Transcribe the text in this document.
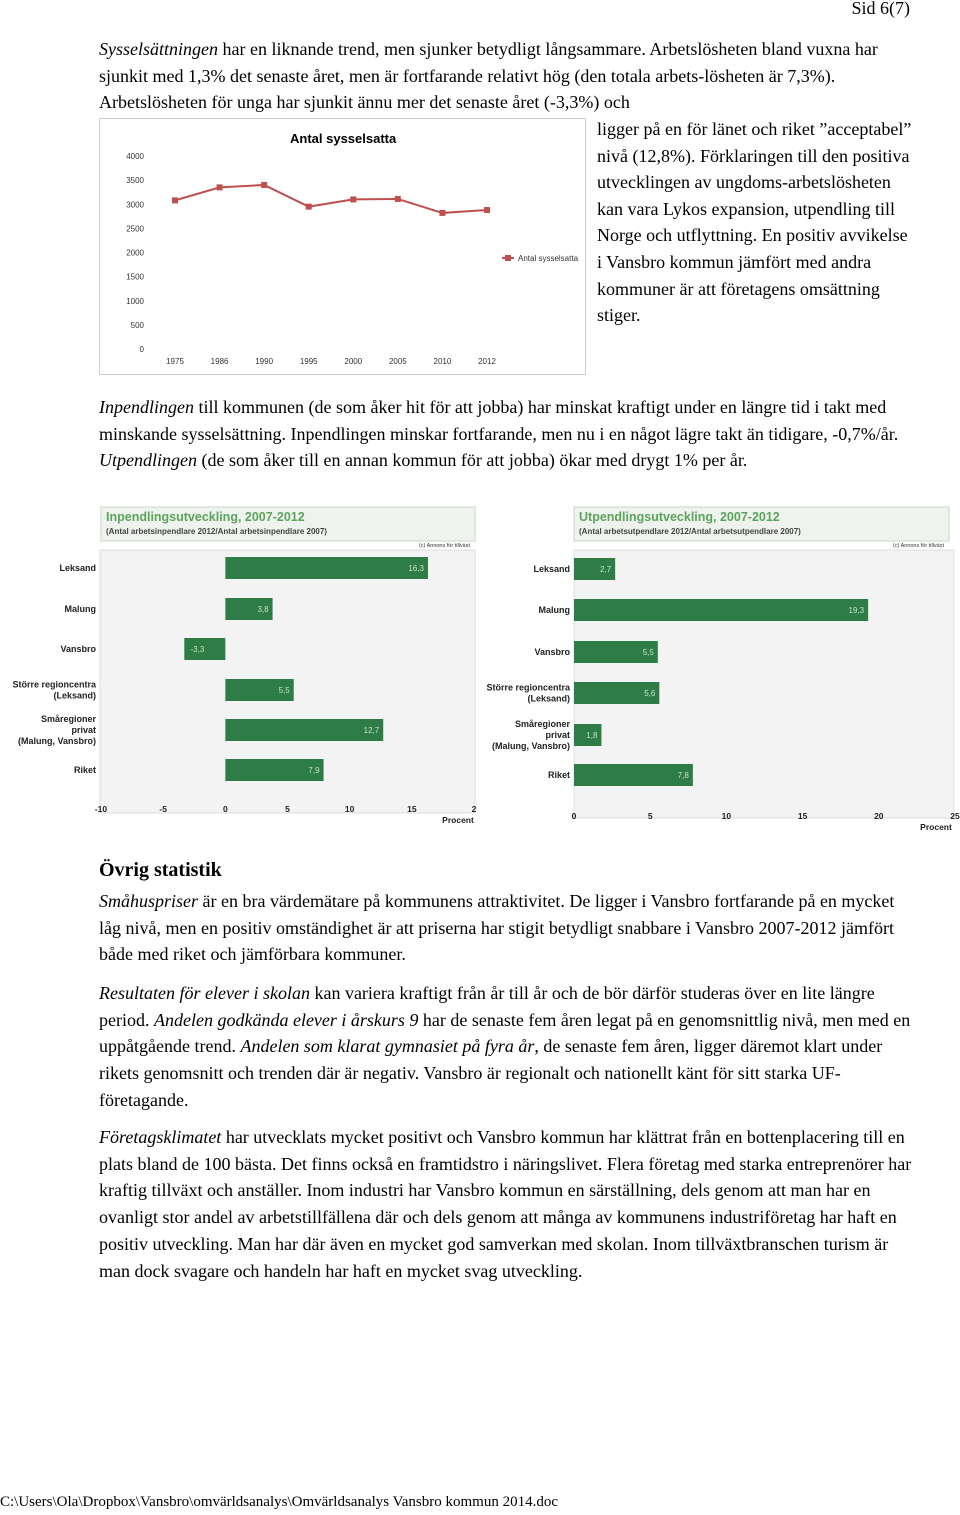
Sid 6(7)
Sysselsättningen har en liknande trend, men sjunker betydligt långsammare. Arbetslösheten bland vuxna har sjunkit med 1,3% det senaste året, men är fortfarande relativt hög (den totala arbets-lösheten är 7,3%). Arbetslösheten för unga har sjunkit ännu mer det senaste året (-3,3%) och
Antal sysselsatta
0
500
1000
1500
2000
2500
3000
3500
4000
1975	1986	1990	1995	2000	2005	2010	2012
Antal sysselsatta
ligger på en för länet och riket ”acceptabel” nivå (12,8%). Förklaringen till den positiva utvecklingen av ungdoms-arbetslösheten kan vara Lykos expansion, utpendling till Norge och utflyttning. En positiv avvikelse i Vansbro kommun jämfört med andra kommuner är att företagens omsättning stiger.
Inpendlingen till kommunen (de som åker hit för att jobba) har minskat kraftigt under en längre tid i takt med minskande sysselsättning. Inpendlingen minskar fortfarande, men nu i en något lägre takt än tidigare, -0,7%/år. Utpendlingen (de som åker till en annan kommun för att jobba) ökar med drygt 1% per år.
Inpendlingsutveckling, 2007-2012
(Antal arbetsinpendlare 2012/Antal arbetsinpendlare 2007)
(c) Annons för tillväxt
Leksand	16,3
Malung	3,8
Vansbro	-3,3
Större regioncentra
(Leksand)	5,5
Småregioner
privat
(Malung, Vansbro)
12,7
Riket	7,9
-10	-5	0	5	10	15	2
Procent
Utpendlingsutveckling, 2007-2012
(Antal arbetsutpendlare 2012/Antal arbetsutpendlare 2007)
(c) Annons för tillväxt
Leksand	2,7
Malung	19,3
Vansbro	5,5
Större regioncentra
(Leksand)	5,6
Småregioner
privat
(Malung, Vansbro)
1,8
Riket	7,8
0	5	10	15	20	25
Procent
Övrig statistik
Småhuspriser är en bra värdemätare på kommunens attraktivitet. De ligger i Vansbro fortfarande på en mycket låg nivå, men en positiv omständighet är att priserna har stigit betydligt snabbare i Vansbro 2007-2012 jämfört både med riket och jämförbara kommuner.
Resultaten för elever i skolan kan variera kraftigt från år till år och de bör därför studeras över en lite längre period. Andelen godkända elever i årskurs 9 har de senaste fem åren legat på en genomsnittlig nivå, men med en uppåtgående trend. Andelen som klarat gymnasiet på fyra år, de senaste fem åren, ligger däremot klart under rikets genomsnitt och trenden där är negativ. Vansbro är regionalt och nationellt känt för sitt starka UF-företagande.
Företagsklimatet har utvecklats mycket positivt och Vansbro kommun har klättrat från en bottenplacering till en plats bland de 100 bästa. Det finns också en framtidstro i näringslivet. Flera företag med starka entreprenörer har kraftig tillväxt och anställer. Inom industri har Vansbro kommun en särställning, dels genom att man har en ovanligt stor andel av arbetstillfällena där och dels genom att många av kommunens industriföretag har haft en positiv utveckling. Man har där även en mycket god samverkan med skolan. Inom tillväxtbranschen turism är man dock svagare och handeln har haft en mycket svag utveckling.
C:\Users\Ola\Dropbox\Vansbro\omvärldsanalys\Omvärldsanalys Vansbro kommun 2014.doc
